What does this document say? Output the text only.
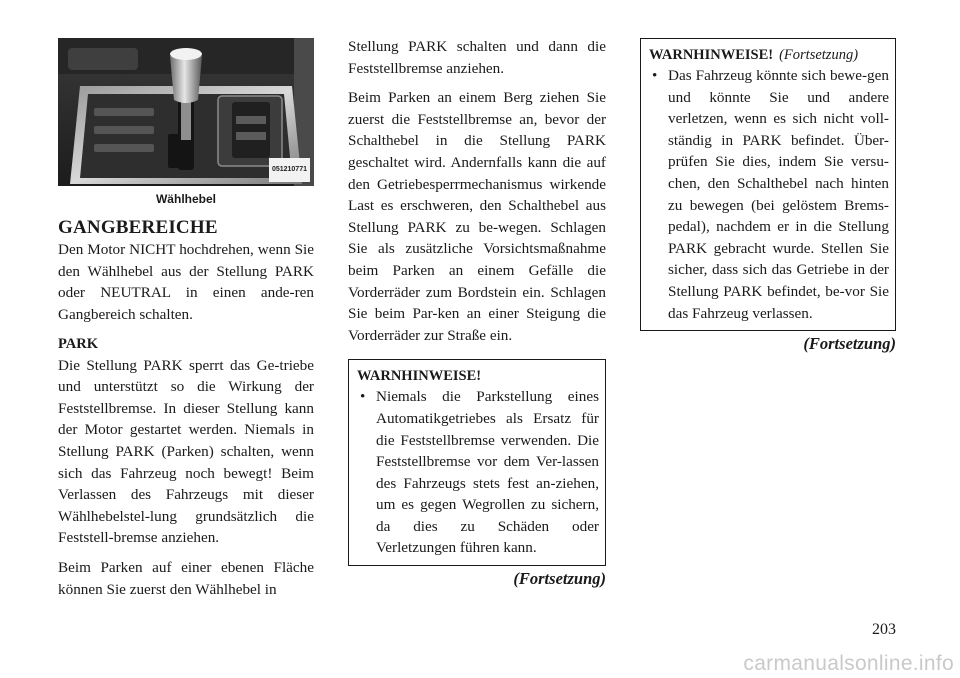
051210771
Wählhebel
GANGBEREICHE

Den Motor NICHT hochdrehen, wenn Sie den Wählhebel aus der Stellung PARK oder NEUTRAL in einen ande-ren Gangbereich schalten.

PARK

Die Stellung PARK sperrt das Ge-triebe und unterstützt so die Wirkung der Feststellbremse. In dieser Stellung kann der Motor gestartet werden. Niemals in Stellung PARK (Parken) schalten, wenn sich das Fahrzeug noch bewegt! Beim Verlassen des Fahrzeugs mit dieser Wählhebelstel-lung grundsätzlich die Feststell-bremse anziehen.

Beim Parken auf einer ebenen Fläche können Sie zuerst den Wählhebel in

Stellung PARK schalten und dann die Feststellbremse anziehen.

Beim Parken an einem Berg ziehen Sie zuerst die Feststellbremse an, bevor der Schalthebel in die Stellung PARK geschaltet wird. Andernfalls kann die auf den Getriebesperrmechanismus wirkende Last es erschweren, den Schalthebel aus Stellung PARK zu be-wegen. Schlagen Sie als zusätzliche Vorsichtsmaßnahme beim Parken an einem Gefälle die Vorderräder zum Bordstein ein. Schlagen Sie beim Par-ken an einer Steigung die Vorderräder zur Straße ein.

WARNHINWEISE!
• Niemals die Parkstellung eines Automatikgetriebes als Ersatz für die Feststellbremse verwenden. Die Feststellbremse vor dem Ver-lassen des Fahrzeugs stets fest an-ziehen, um es gegen Wegrollen zu sichern, da dies zu Schäden oder Verletzungen führen kann.
(Fortsetzung)
WARNHINWEISE! (Fortsetzung)
• Das Fahrzeug könnte sich bewe-gen und könnte Sie und andere verletzen, wenn es sich nicht voll-ständig in PARK befindet. Über-prüfen Sie dies, indem Sie versu-chen, den Schalthebel nach hinten zu bewegen (bei gelöstem Brems-pedal), nachdem er in die Stellung PARK gebracht wurde. Stellen Sie sicher, dass sich das Getriebe in der Stellung PARK befindet, be-vor Sie das Fahrzeug verlassen.
(Fortsetzung)
203
carmanualsonline.info
